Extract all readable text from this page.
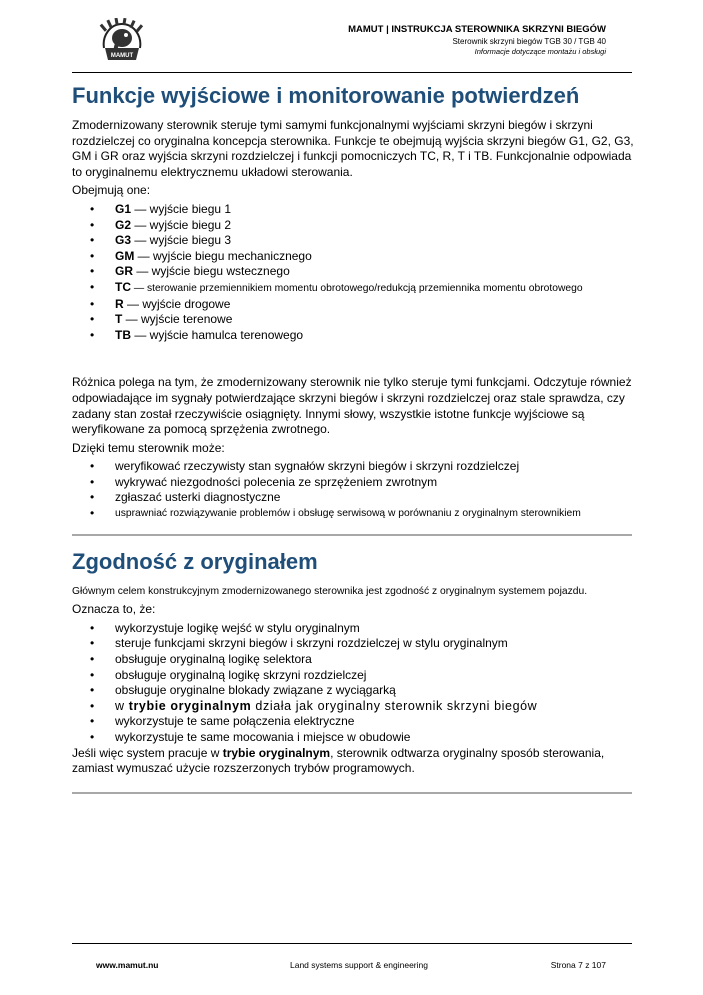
MAMUT
MAMUT | INSTRUKCJA STEROWNIKA SKRZYNI BIEGÓW
Sterownik skrzyni biegów TGB 30 / TGB 40
Informacje dotyczące montażu i obsługi
Funkcje wyjściowe i monitorowanie potwierdzeń

Zmodernizowany sterownik steruje tymi samymi funkcjonalnymi wyjściami skrzyni biegów i skrzyni rozdzielczej co oryginalna koncepcja sterownika. Funkcje te obejmują wyjścia skrzyni biegów G1, G2, G3, GM i GR oraz wyjścia skrzyni rozdzielczej i funkcji pomocniczych TC, R, T i TB. Funkcjonalnie odpowiada to oryginalnemu elektrycznemu układowi sterowania.

Obejmują one:

• G1 — wyjście biegu 1
• G2 — wyjście biegu 2
• G3 — wyjście biegu 3
• GM — wyjście biegu mechanicznego
• GR — wyjście biegu wstecznego
• TC — sterowanie przemiennikiem momentu obrotowego/redukcją przemiennika momentu obrotowego
• R — wyjście drogowe
• T — wyjście terenowe
• TB — wyjście hamulca terenowego

Różnica polega na tym, że zmodernizowany sterownik nie tylko steruje tymi funkcjami. Odczytuje również odpowiadające im sygnały potwierdzające skrzyni biegów i skrzyni rozdzielczej oraz stale sprawdza, czy zadany stan został rzeczywiście osiągnięty. Innymi słowy, wszystkie istotne funkcje wyjściowe są weryfikowane za pomocą sprzężenia zwrotnego.

Dzięki temu sterownik może:

• weryfikować rzeczywisty stan sygnałów skrzyni biegów i skrzyni rozdzielczej
• wykrywać niezgodności polecenia ze sprzężeniem zwrotnym
• zgłaszać usterki diagnostyczne
• usprawniać rozwiązywanie problemów i obsługę serwisową w porównaniu z oryginalnym sterownikiem
Zgodność z oryginałem

Głównym celem konstrukcyjnym zmodernizowanego sterownika jest zgodność z oryginalnym systemem pojazdu.

Oznacza to, że:

• wykorzystuje logikę wejść w stylu oryginalnym
• steruje funkcjami skrzyni biegów i skrzyni rozdzielczej w stylu oryginalnym
• obsługuje oryginalną logikę selektora
• obsługuje oryginalną logikę skrzyni rozdzielczej
• obsługuje oryginalne blokady związane z wyciągarką
• w trybie oryginalnym działa jak oryginalny sterownik skrzyni biegów
• wykorzystuje te same połączenia elektryczne
• wykorzystuje te same mocowania i miejsce w obudowie

Jeśli więc system pracuje w trybie oryginalnym, sterownik odtwarza oryginalny sposób sterowania, zamiast wymuszać użycie rozszerzonych trybów programowych.

www.mamut.nu	Land systems support & engineering	Strona 7 z 107
